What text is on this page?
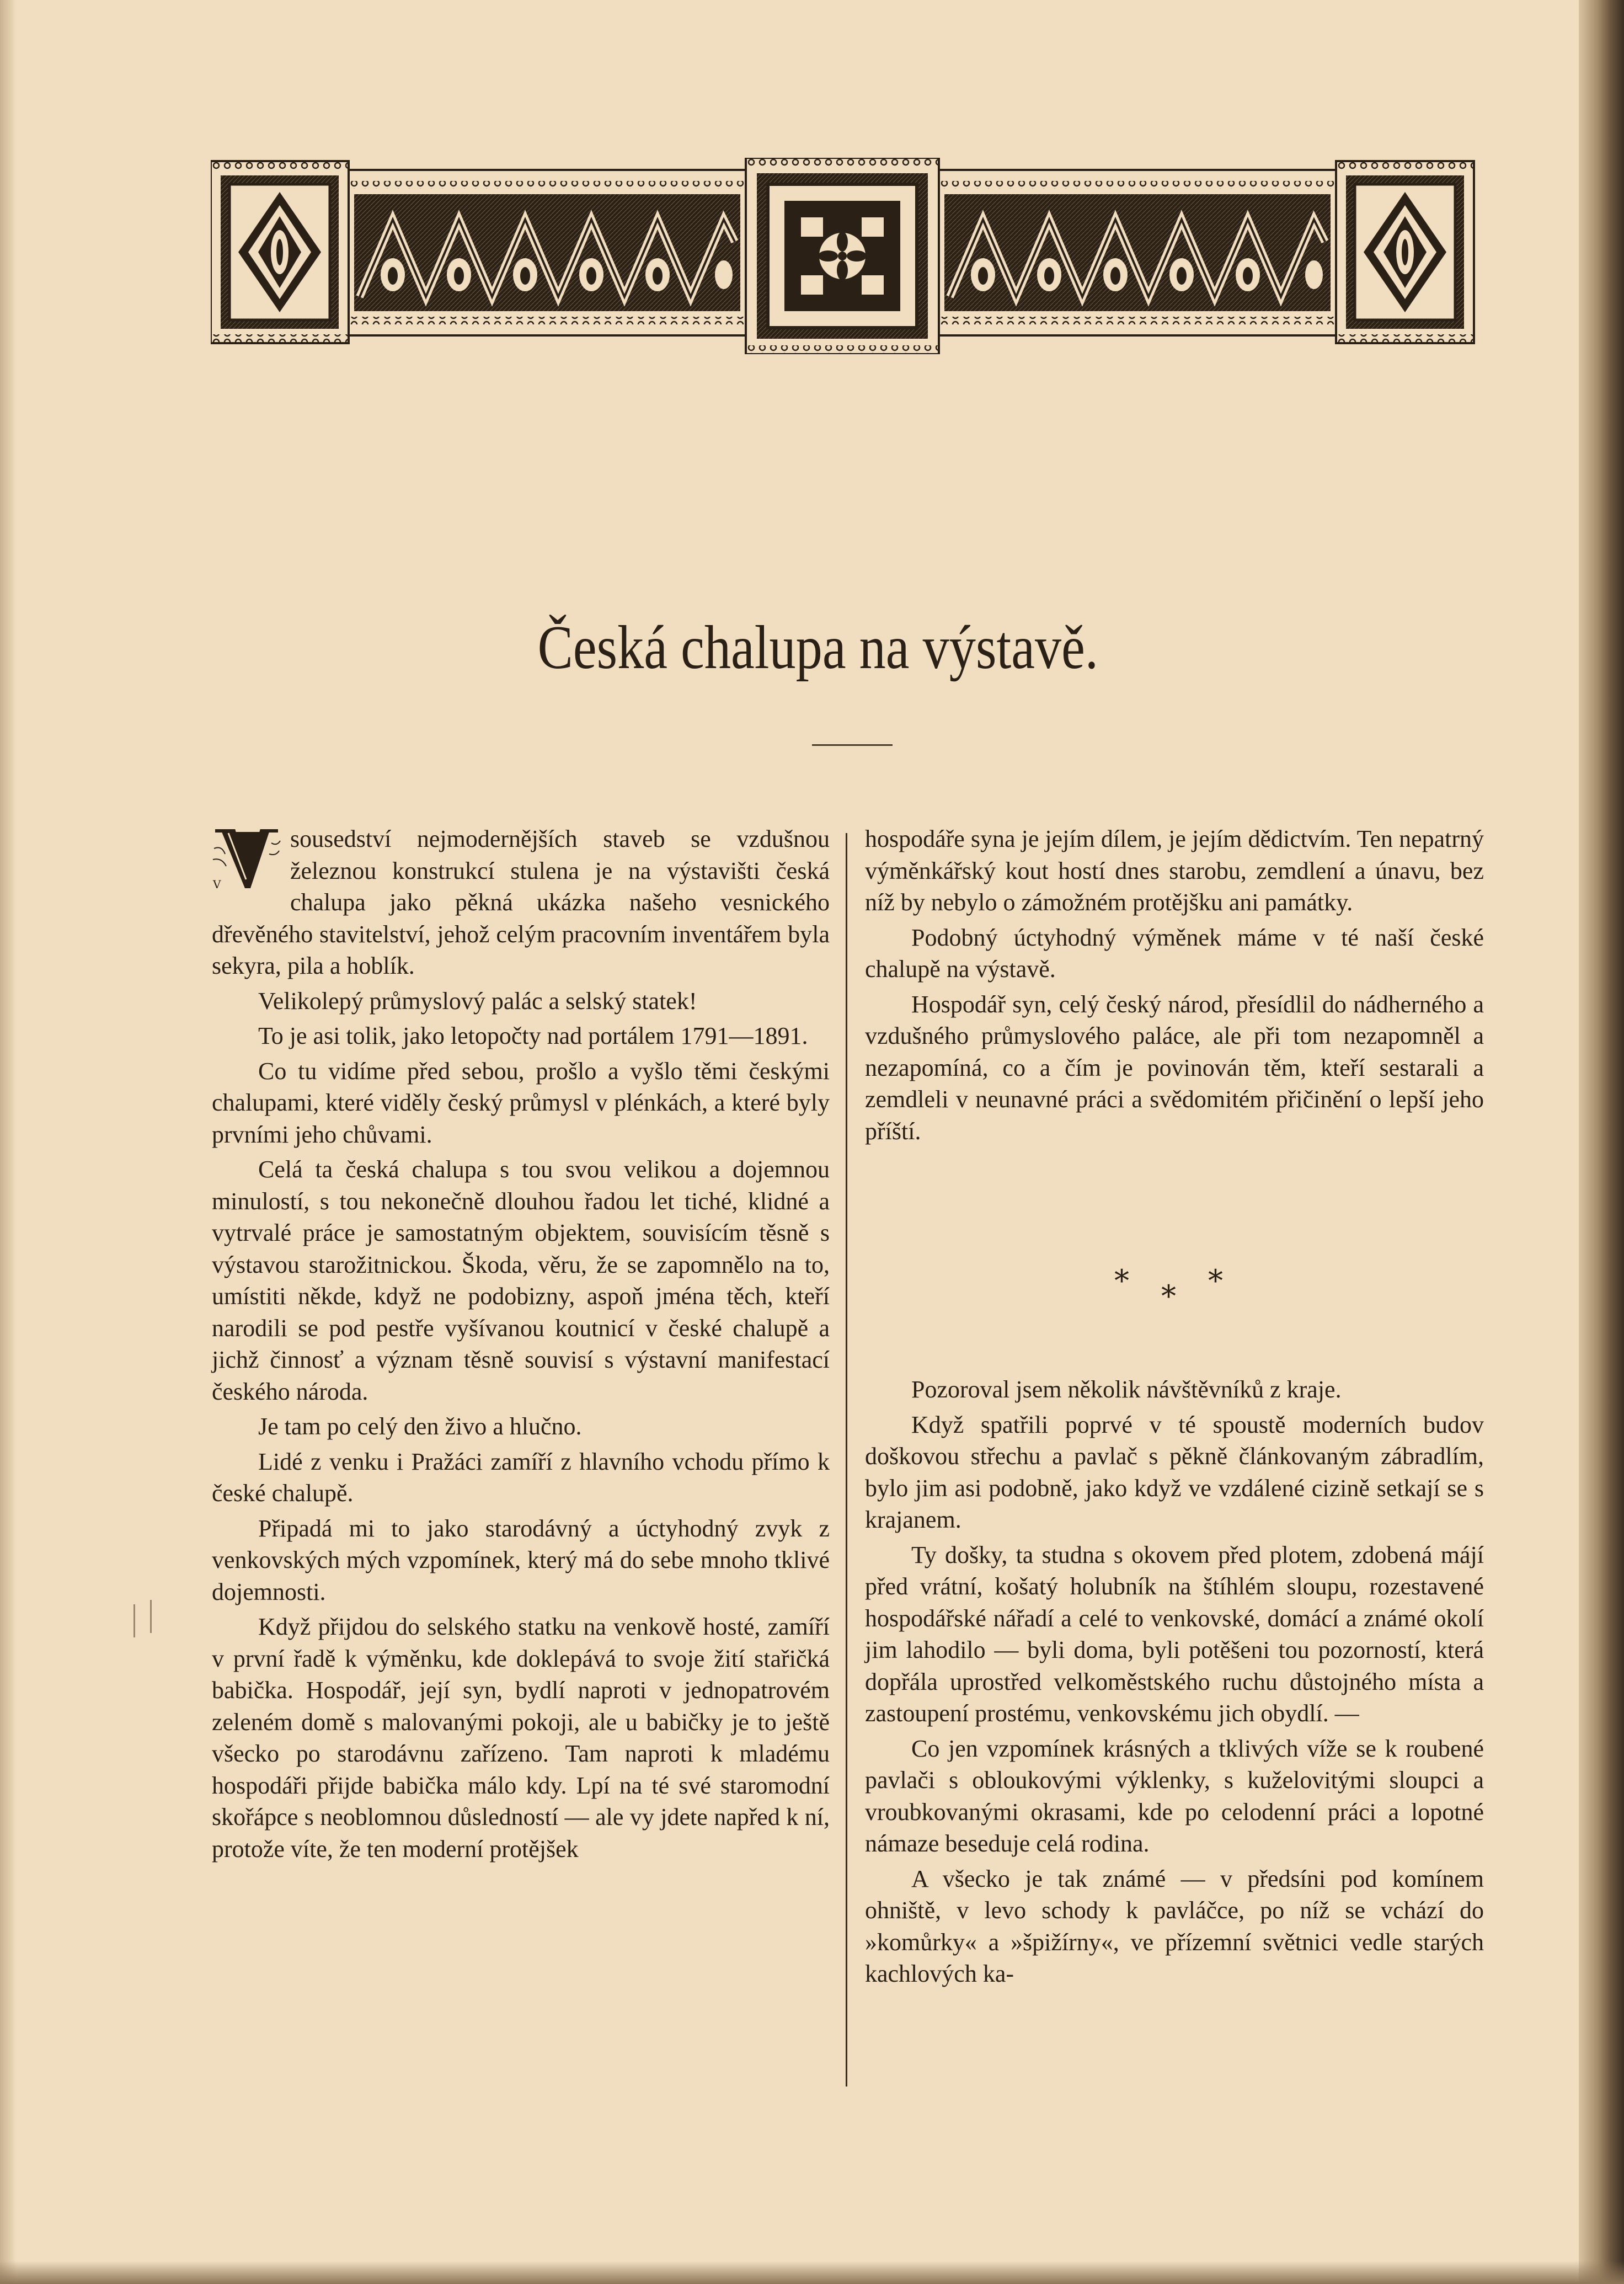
Česká chalupa na výstavě.

V
sousedství nejmodernějších staveb se vzdušnou železnou konstrukcí stulena je na výstavišti česká chalupa jako pěkná ukázka našeho vesnického dřevěného stavitelství, jehož celým pracovním inventářem byla sekyra, pila a hoblík.

Velikolepý průmyslový palác a selský statek!

To je asi tolik, jako letopočty nad portálem 1791—1891.

Co tu vidíme před sebou, prošlo a vyšlo těmi českými chalupami, které viděly český průmysl v plénkách, a které byly prvními jeho chůvami.

Celá ta česká chalupa s tou svou velikou a dojemnou minulostí, s tou nekonečně dlouhou řadou let tiché, klidné a vytrvalé práce je samostatným objektem, souvisícím těsně s výstavou starožitnickou. Škoda, věru, že se zapomnělo na to, umístiti někde, když ne podobizny, aspoň jména těch, kteří narodili se pod pestře vyšívanou koutnicí v české chalupě a jichž činnosť a význam těsně souvisí s výstavní manifestací českého národa.

Je tam po celý den živo a hlučno.

Lidé z venku i Pražáci zamíří z hlavního vchodu přímo k české chalupě.

Připadá mi to jako starodávný a úctyhodný zvyk z venkovských mých vzpomínek, který má do sebe mnoho tklivé dojemnosti.

Když přijdou do selského statku na venkově hosté, zamíří v první řadě k výměnku, kde doklepává to svoje žití stařičká babička. Hospodář, její syn, bydlí naproti v jednopatrovém zeleném domě s malovanými pokoji, ale u babičky je to ještě všecko po starodávnu zařízeno. Tam naproti k mladému hospodáři přijde babička málo kdy. Lpí na té své staromodní skořápce s neoblomnou důsledností — ale vy jdete napřed k ní, protože víte, že ten moderní protějšek

hospodáře syna je jejím dílem, je jejím dědictvím. Ten nepatrný výměnkářský kout hostí dnes starobu, zemdlení a únavu, bez níž by nebylo o zámožném protějšku ani památky.

Podobný úctyhodný výměnek máme v té naší české chalupě na výstavě.

Hospodář syn, celý český národ, přesídlil do nádherného a vzdušného průmyslového paláce, ale při tom nezapomněl a nezapomíná, co a čím je povinován těm, kteří sestarali a zemdleli v neunavné práci a svědomitém přičinění o lepší jeho příští.

* * *

Pozoroval jsem několik návštěvníků z kraje.

Když spatřili poprvé v té spoustě moderních budov doškovou střechu a pavlač s pěkně článkovaným zábradlím, bylo jim asi podobně, jako když ve vzdálené cizině setkají se s krajanem.

Ty došky, ta studna s okovem před plotem, zdobená májí před vrátní, košatý holubník na štíhlém sloupu, rozestavené hospodářské nářadí a celé to venkovské, domácí a známé okolí jim lahodilo — byli doma, byli potěšeni tou pozorností, která dopřála uprostřed velkoměstského ruchu důstojného místa a zastoupení prostému, venkovskému jich obydlí. —

Co jen vzpomínek krásných a tklivých víže se k roubené pavlači s obloukovými výklenky, s kuželovitými sloupci a vroubkovanými okrasami, kde po celodenní práci a lopotné námaze beseduje celá rodina.

A všecko je tak známé — v předsíni pod komínem ohniště, v levo schody k pavláčce, po níž se vchází do »komůrky« a »špižírny«, ve přízemní světnici vedle starých kachlových ka-
